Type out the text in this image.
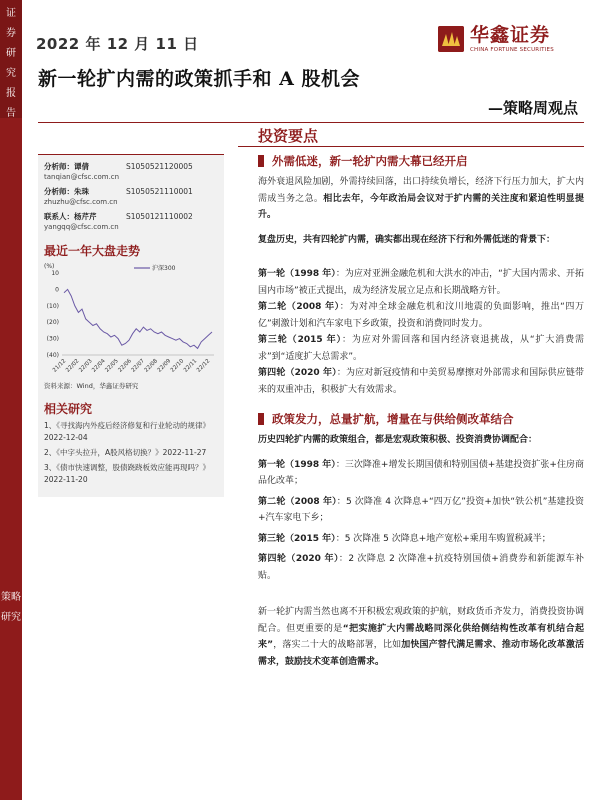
证
券
研
究
报
告
策略研究
2022 年 12 月 11 日	华鑫证券
CHINA FORTUNE SECURITIES
新一轮扩内需的政策抓手和 A 股机会
—策略周观点
投资要点
分析师：谭倩	S1050521120005
tanqian@cfsc.com.cn
分析师：朱珠	S1050521110001
zhuzhu@cfsc.com.cn
联系人：杨芹芹	S1050121110002
yangqq@cfsc.com.cn
最近一年大盘走势
(%)
10
0
(10)
(20)
(30)
(40)
沪深300
21/12
22/02
22/03
22/04
22/05
22/06
22/07
22/08
22/09
22/10
22/11
22/12
资料来源：Wind，华鑫证券研究
相关研究
1、《寻找海内外疫后经济修复和行业轮动的规律》2022-12-04
2、《中字头拉升，A股风格切换？》2022-11-27
3、《债市快速调整，股债跷跷板效应能再现吗？》2022-11-20
外需低迷，新一轮扩内需大幕已经开启
海外衰退风险加剧，外需持续回落，出口持续负增长，经济下行压力加大，扩大内需成当务之急。相比去年，今年政治局会议对于扩内需的关注度和紧迫性明显提升。
复盘历史，共有四轮扩内需，确实都出现在经济下行和外需低迷的背景下：
第一轮（1998 年）：为应对亚洲金融危机和大洪水的冲击，“扩大国内需求、开拓国内市场”被正式提出，成为经济发展立足点和长期战略方针。
第二轮（2008 年）：为对冲全球金融危机和汶川地震的负面影响，推出“四万亿”刺激计划和汽车家电下乡政策，投资和消费同时发力。
第三轮（2015 年）：为应对外需回落和国内经济衰退挑战，从“扩大消费需求”到“适度扩大总需求”。
第四轮（2020 年）：为应对新冠疫情和中美贸易摩擦对外部需求和国际供应链带来的双重冲击，积极扩大有效需求。
政策发力，总量扩航，增量在与供给侧改革结合
历史四轮扩内需的政策组合，都是宏观政策积极、投资消费协调配合：
第一轮（1998 年）：三次降准+增发长期国债和特别国债+基建投资扩张+住房商品化改革；
第二轮（2008 年）：5 次降准 4 次降息+“四万亿”投资+加快“铁公机”基建投资+汽车家电下乡；
第三轮（2015 年）：5 次降准 5 次降息+地产宽松+乘用车购置税减半；
第四轮（2020 年）：2 次降息 2 次降准+抗疫特别国债+消费券和新能源车补贴。
新一轮扩内需当然也离不开积极宏观政策的护航，财政货币齐发力，消费投资协调配合。但更重要的是“把实施扩大内需战略同深化供给侧结构性改革有机结合起来”，落实二十大的战略部署，比如加快国产替代满足需求、推动市场化改革激活需求，鼓励技术变革创造需求。
